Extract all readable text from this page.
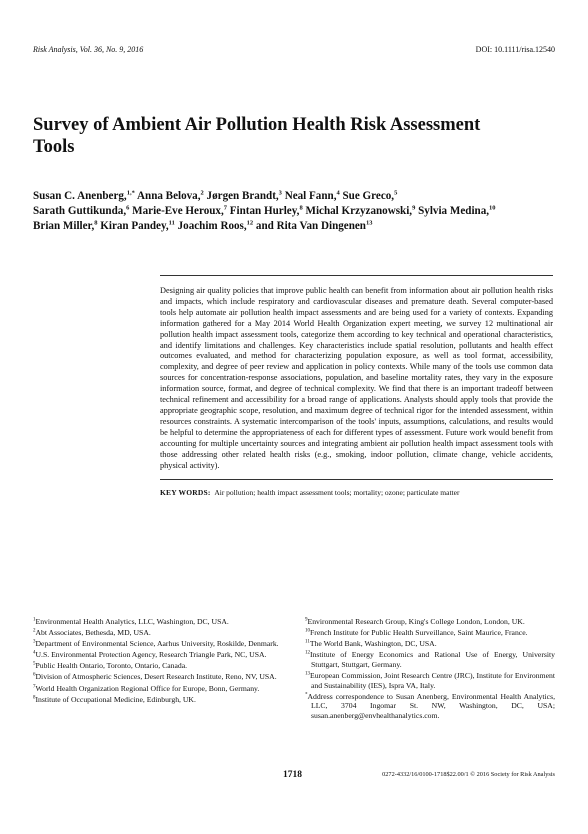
Risk Analysis, Vol. 36, No. 9, 2016	DOI: 10.1111/risa.12540
Survey of Ambient Air Pollution Health Risk Assessment Tools

Susan C. Anenberg,$^{1,*}$ Anna Belova,$^2$ Jørgen Brandt,$^3$ Neal Fann,$^4$ Sue Greco,$^5$
Sarath Guttikunda,$^6$ Marie-Eve Heroux,$^7$ Fintan Hurley,$^8$ Michal Krzyzanowski,$^9$ Sylvia Medina,$^{10}$
Brian Miller,$^8$ Kiran Pandey,$^{11}$ Joachim Roos,$^{12}$ and Rita Van Dingenen$^{13}$

Designing air quality policies that improve public health can benefit from information about air pollution health risks and impacts, which include respiratory and cardiovascular diseases and premature death. Several computer-based tools help automate air pollution health impact assessments and are being used for a variety of contexts. Expanding information gathered for a May 2014 World Health Organization expert meeting, we survey 12 multinational air pollution health impact assessment tools, categorize them according to key technical and operational characteristics, and identify limitations and challenges. Key characteristics include spatial resolution, pollutants and health effect outcomes evaluated, and method for characterizing population exposure, as well as tool format, accessibility, complexity, and degree of peer review and application in policy contexts. While many of the tools use common data sources for concentration-response associations, population, and baseline mortality rates, they vary in the exposure information source, format, and degree of technical complexity. We find that there is an important tradeoff between technical refinement and accessibility for a broad range of applications. Analysts should apply tools that provide the appropriate geographic scope, resolution, and maximum degree of technical rigor for the intended assessment, within resources constraints. A systematic intercomparison of the tools' inputs, assumptions, calculations, and results would be helpful to determine the appropriateness of each for different types of assessment. Future work would benefit from accounting for multiple uncertainty sources and integrating ambient air pollution health impact assessment tools with those addressing other related health risks (e.g., smoking, indoor pollution, climate change, vehicle accidents, physical activity).

KEY WORDS: Air pollution; health impact assessment tools; mortality; ozone; particulate matter

$^1$Environmental Health Analytics, LLC, Washington, DC, USA.

$^2$Abt Associates, Bethesda, MD, USA.

$^3$Department of Environmental Science, Aarhus University, Roskilde, Denmark.

$^4$U.S. Environmental Protection Agency, Research Triangle Park, NC, USA.

$^5$Public Health Ontario, Toronto, Ontario, Canada.

$^6$Division of Atmospheric Sciences, Desert Research Institute, Reno, NV, USA.

$^7$World Health Organization Regional Office for Europe, Bonn, Germany.

$^8$Institute of Occupational Medicine, Edinburgh, UK.

$^9$Environmental Research Group, King's College London, London, UK.

$^{10}$French Institute for Public Health Surveillance, Saint Maurice, France.

$^{11}$The World Bank, Washington, DC, USA.

$^{12}$Institute of Energy Economics and Rational Use of Energy, University Stuttgart, Stuttgart, Germany.

$^{13}$European Commission, Joint Research Centre (JRC), Institute for Environment and Sustainability (IES), Ispra VA, Italy.

*Address correspondence to Susan Anenberg, Environmental Health Analytics, LLC, 3704 Ingomar St. NW, Washington, DC, USA; susan.anenberg@envhealthanalytics.com.

1718	0272-4332/16/0100-1718$22.00/1 © 2016 Society for Risk Analysis
